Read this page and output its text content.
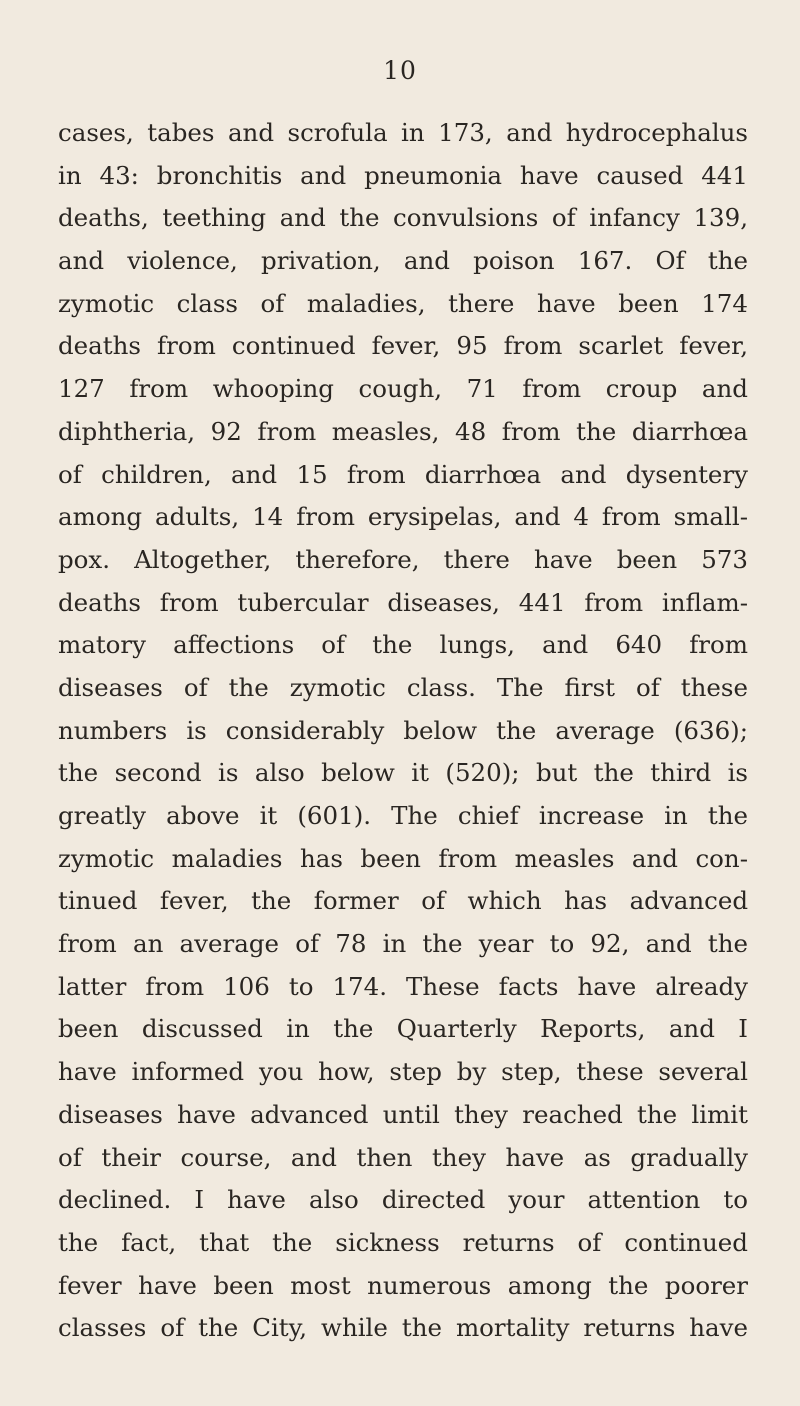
10
cases, tabes and scrofula in 173, and hydrocephalus
in 43: bronchitis and pneumonia have caused 441
deaths, teething and the convulsions of infancy 139,
and violence, privation, and poison 167. Of the
zymotic class of maladies, there have been 174
deaths from continued fever, 95 from scarlet fever,
127 from whooping cough, 71 from croup and
diphtheria, 92 from measles, 48 from the diarrhœa
of children, and 15 from diarrhœa and dysentery
among adults, 14 from erysipelas, and 4 from small-
pox. Altogether, therefore, there have been 573
deaths from tubercular diseases, 441 from inflam-
matory affections of the lungs, and 640 from
diseases of the zymotic class. The first of these
numbers is considerably below the average (636);
the second is also below it (520); but the third is
greatly above it (601). The chief increase in the
zymotic maladies has been from measles and con-
tinued fever, the former of which has advanced
from an average of 78 in the year to 92, and the
latter from 106 to 174. These facts have already
been discussed in the Quarterly Reports, and I
have informed you how, step by step, these several
diseases have advanced until they reached the limit
of their course, and then they have as gradually
declined. I have also directed your attention to
the fact, that the sickness returns of continued
fever have been most numerous among the poorer
classes of the City, while the mortality returns have
